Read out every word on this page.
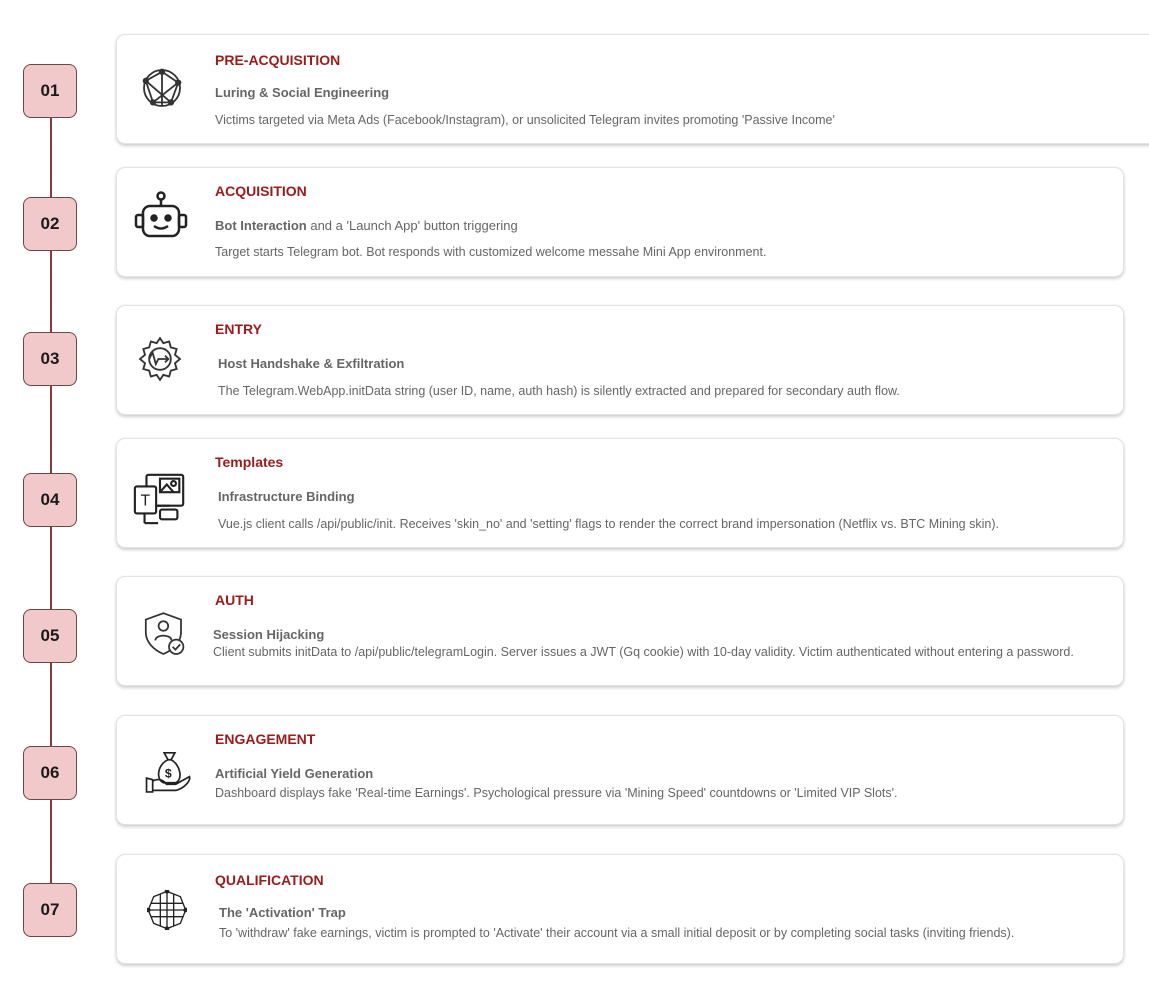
01
02
03
04
05
06
07
PRE-ACQUISITION
Luring & Social Engineering
Victims targeted via Meta Ads (Facebook/Instagram), or unsolicited Telegram invites promoting 'Passive Income'
ACQUISITION
Bot Interaction and a 'Launch App' button triggering
Target starts Telegram bot. Bot responds with customized welcome messahe Mini App environment.
ENTRY
Host Handshake & Exfiltration
The Telegram.WebApp.initData string (user ID, name, auth hash) is silently extracted and prepared for secondary auth flow.
T
Templates
Infrastructure Binding
Vue.js client calls /api/public/init. Receives 'skin_no' and 'setting' flags to render the correct brand impersonation (Netflix vs. BTC Mining skin).
AUTH
Session Hijacking
Client submits initData to /api/public/telegramLogin. Server issues a JWT (Gq cookie) with 10-day validity. Victim authenticated without entering a password.
$
ENGAGEMENT
Artificial Yield Generation
Dashboard displays fake 'Real-time Earnings'. Psychological pressure via 'Mining Speed' countdowns or 'Limited VIP Slots'.
QUALIFICATION
The 'Activation' Trap
To 'withdraw' fake earnings, victim is prompted to 'Activate' their account via a small initial deposit or by completing social tasks (inviting friends).
